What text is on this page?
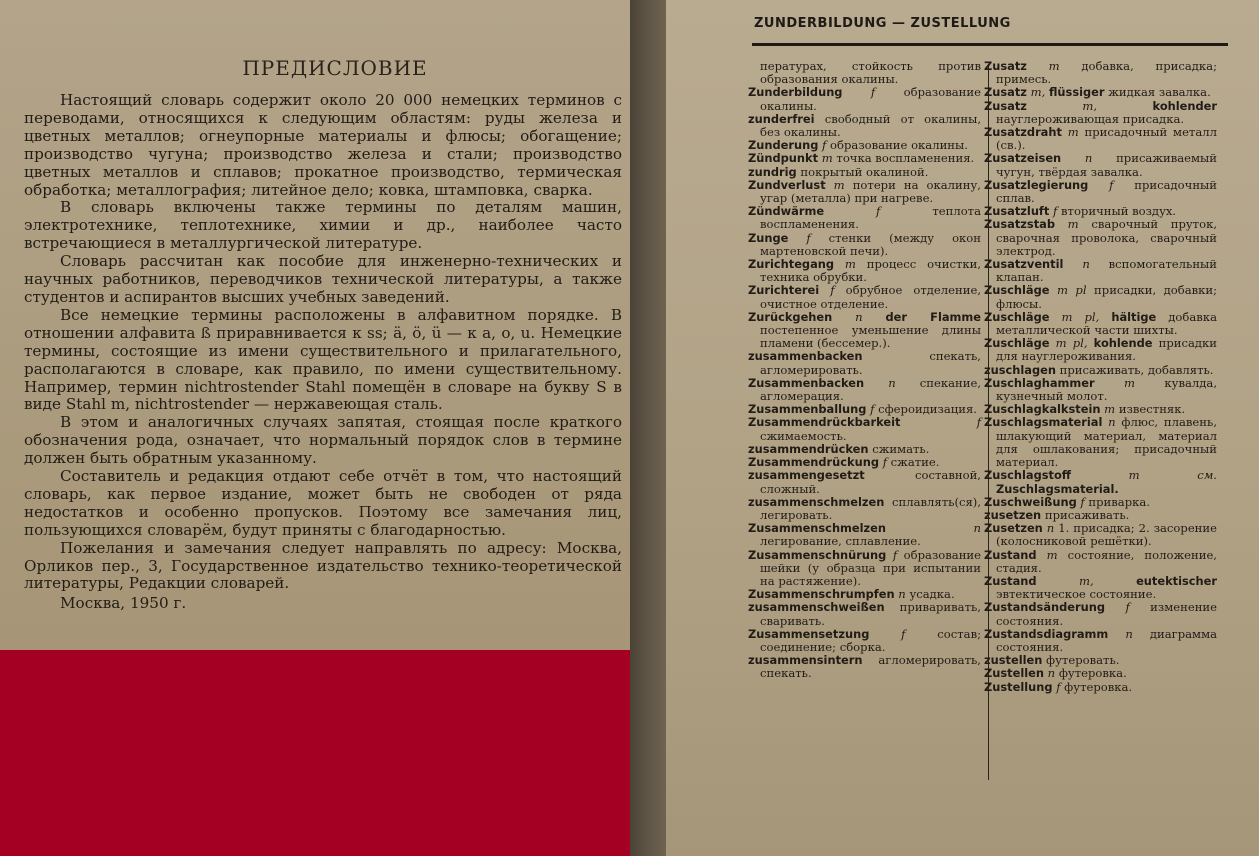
ПРЕДИСЛОВИЕ

Настоящий словарь содержит около 20 000 немецких терминов с переводами, относящихся к следующим областям: руды железа и цветных металлов; огнеупорные материалы и флюсы; обогащение; производство чугуна; производство железа и стали; производство цветных металлов и сплавов; прокатное производство, термическая обработка; металлография; литейное дело; ковка, штамповка, сварка.

В словарь включены также термины по деталям машин, электротехнике, теплотехнике, химии и др., наиболее часто встречающиеся в металлургической литературе.

Словарь рассчитан как пособие для инженерно-технических и научных работников, переводчиков технической литературы, а также студентов и аспирантов высших учебных заведений.

Все немецкие термины расположены в алфавитном порядке. В отношении алфавита ß приравнивается к ss; ä, ö, ü — к a, o, u. Немецкие термины, состоящие из имени существительного и прилагательного, располагаются в словаре, как правило, по имени существительному. Например, термин nichtrostender Stahl помещён в словаре на букву S в виде Stahl m, nichtrostender — нержавеющая сталь.

В этом и аналогичных случаях запятая, стоящая после краткого обозначения рода, означает, что нормальный порядок слов в термине должен быть обратным указанному.

Составитель и редакция отдают себе отчёт в том, что настоящий словарь, как первое издание, может быть не свободен от ряда недостатков и особенно пропусков. Поэтому все замечания лиц, пользующихся словарём, будут приняты с благодарностью.

Пожелания и замечания следует направлять по адресу: Москва, Орликов пер., 3, Государственное издательство технико-теоретической литературы, Редакции словарей.

Москва, 1950 г.

ZUNDERBILDUNG — ZUSTELLUNG

пературах, стойкость против образования окалины.

Zunderbildung f образование окалины.

zunderfrei свободный от окалины, без окалины.

Zunderung f образование окалины.

Zündpunkt m точка воспламенения.

zundrig покрытый окалиной.

Zundverlust m потери на окалину, угар (металла) при нагреве.

Zündwärme	f	теплота воспламенения.

Zunge f стенки (между окон мартеновской печи).

Zurichtegang m процесс очистки, техника обрубки.

Zurichterei f обрубное отделение, очистное отделение.

Zurückgehen n der Flamme постепенное уменьшение длины пламени (бессемер.).

zusammenbacken	спекать, агломерировать.

Zusammenbacken n спекание, агломерация.

Zusammenballung f сфероидизация.

Zusammendrückbarkeit	f сжимаемость.

zusammendrücken сжимать.

Zusammendrückung f сжатие.

zusammengesetzt	составной, сложный.

zusammenschmelzen сплавлять(ся), легировать.

Zusammenschmelzen	n легирование, сплавление.

Zusammenschnürung f образование шейки (у образца при испытании на растяжение).

Zusammenschrumpfen n усадка.

zusammenschweißen приваривать, сваривать.

Zusammensetzung	f	состав; соединение; сборка.

zusammensintern агломерировать, спекать.

Zusatz m добавка, присадка; примесь.

Zusatz m, flüssiger жидкая завалка.

Zusatz	m,	kohlender науглероживающая присадка.

Zusatzdraht m присадочный металл (св.).

Zusatzeisen n присаживаемый чугун, твёрдая завалка.

Zusatzlegierung f присадочный сплав.

Zusatzluft f вторичный воздух.

Zusatzstab m сварочный пруток, сварочная проволока, сварочный электрод.

Zusatzventil n вспомогательный клапан.

Zuschläge m pl присадки, добавки; флюсы.

Zuschläge m pl, hältige добавка металлической части шихты.

Zuschläge m pl, kohlende присадки для науглероживания.

zuschlagen присаживать, добавлять.

Zuschlaghammer	m	кувалда, кузнечный молот.

Zuschlagkalkstein m известняк.

Zuschlagsmaterial n флюс, плавень, шлакующий материал, материал для ошлакования; присадочный материал.

Zuschlagstoff	m см. Zuschlagsmaterial.

Zuschweißung f приварка.

zusetzen присаживать.

Zusetzen n 1. присадка; 2. засорение (колосниковой решётки).

Zustand m состояние, положение, стадия.

Zustand	m,	eutektischer эвтектическое состояние.

Zustandsänderung f изменение состояния.

Zustandsdiagramm n диаграмма состояния.

zustellen футеровать.

Zustellen n футеровка.

Zustellung f футеровка.
